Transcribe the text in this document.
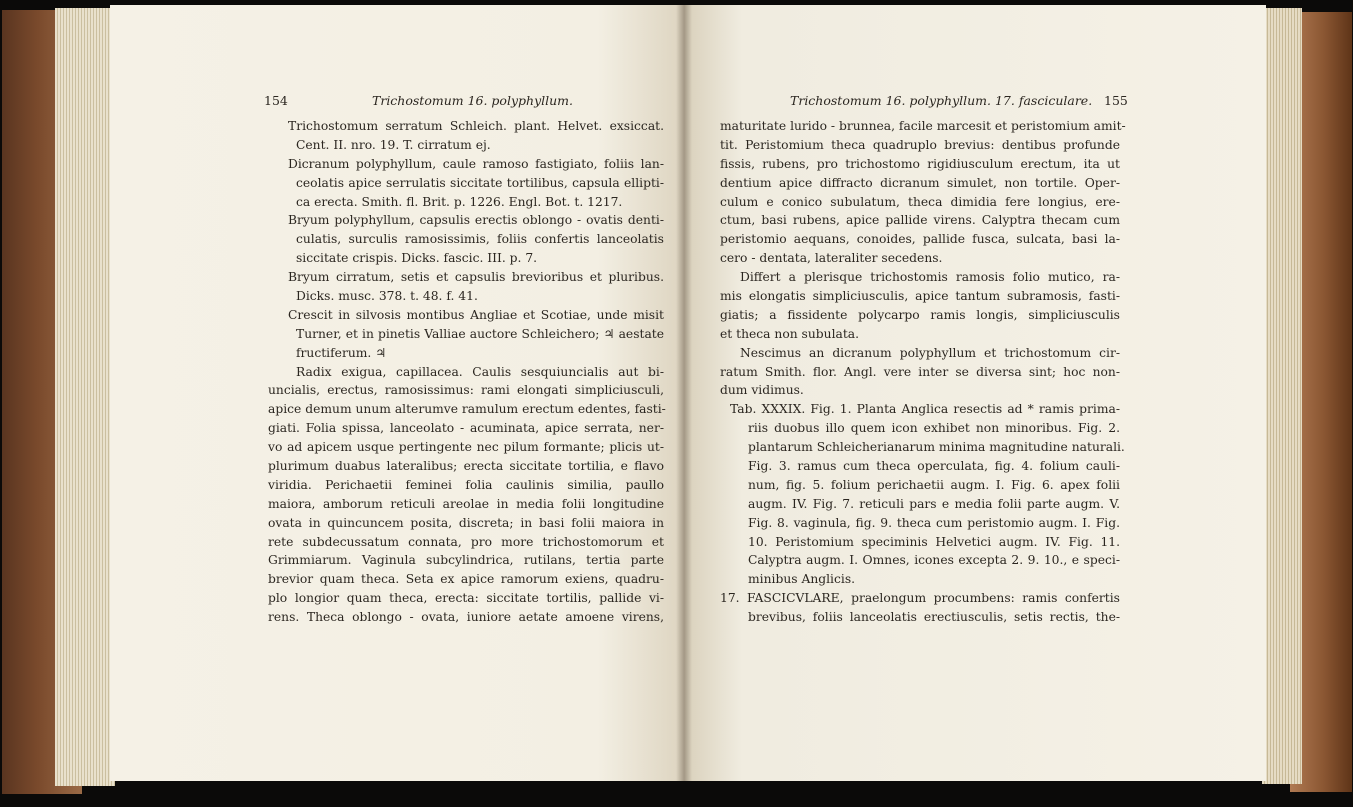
154	Trichostomum 16. polyphyllum.
Trichostomum serratum Schleich. plant. Helvet. exsiccat.
Cent. II. nro. 19. T. cirratum ej.
Dicranum polyphyllum, caule ramoso fastigiato, foliis lan-
ceolatis apice serrulatis siccitate tortilibus, capsula ellipti-
ca erecta. Smith. fl. Brit. p. 1226. Engl. Bot. t. 1217.
Bryum polyphyllum, capsulis erectis oblongo - ovatis denti-
culatis, surculis ramosissimis, foliis confertis lanceolatis
siccitate crispis. Dicks. fascic. III. p. 7.
Bryum cirratum, setis et capsulis brevioribus et pluribus.
Dicks. musc. 378. t. 48. f. 41.
Crescit in silvosis montibus Angliae et Scotiae, unde misit
Turner, et in pinetis Valliae auctore Schleichero; ♃ aestate
fructiferum. ♃
Radix exigua, capillacea. Caulis sesquiuncialis aut bi-
uncialis, erectus, ramosissimus: rami elongati simpliciusculi,
apice demum unum alterumve ramulum erectum edentes, fasti-
giati. Folia spissa, lanceolato - acuminata, apice serrata, ner-
vo ad apicem usque pertingente nec pilum formante; plicis ut-
plurimum duabus lateralibus; erecta siccitate tortilia, e flavo
viridia. Perichaetii feminei folia caulinis similia, paullo
maiora, amborum reticuli areolae in media folii longitudine
ovata in quincuncem posita, discreta; in basi folii maiora in
rete subdecussatum connata, pro more trichostomorum et
Grimmiarum. Vaginula subcylindrica, rutilans, tertia parte
brevior quam theca. Seta ex apice ramorum exiens, quadru-
plo longior quam theca, erecta: siccitate tortilis, pallide vi-
rens. Theca oblongo - ovata, iuniore aetate amoene virens,
Trichostomum 16. polyphyllum. 17. fasciculare. 155
maturitate lurido - brunnea, facile marcesit et peristomium amit-
tit. Peristomium theca quadruplo brevius: dentibus profunde
fissis, rubens, pro trichostomo rigidiusculum erectum, ita ut
dentium apice diffracto dicranum simulet, non tortile. Oper-
culum e conico subulatum, theca dimidia fere longius, ere-
ctum, basi rubens, apice pallide virens. Calyptra thecam cum
peristomio aequans, conoides, pallide fusca, sulcata, basi la-
cero - dentata, lateraliter secedens.
Differt a plerisque trichostomis ramosis folio mutico, ra-
mis elongatis simpliciusculis, apice tantum subramosis, fasti-
giatis; a fissidente polycarpo ramis longis, simpliciusculis
et theca non subulata.
Nescimus an dicranum polyphyllum et trichostomum cir-
ratum Smith. flor. Angl. vere inter se diversa sint; hoc non-
dum vidimus.
Tab. XXXIX. Fig. 1. Planta Anglica resectis ad * ramis prima-
riis duobus illo quem icon exhibet non minoribus. Fig. 2.
plantarum Schleicherianarum minima magnitudine naturali.
Fig. 3. ramus cum theca operculata, fig. 4. folium cauli-
num, fig. 5. folium perichaetii augm. I. Fig. 6. apex folii
augm. IV. Fig. 7. reticuli pars e media folii parte augm. V.
Fig. 8. vaginula, fig. 9. theca cum peristomio augm. I. Fig.
10. Peristomium speciminis Helvetici augm. IV. Fig. 11.
Calyptra augm. I. Omnes, icones excepta 2. 9. 10., e speci-
minibus Anglicis.
17. FASCICVLARE, praelongum procumbens: ramis confertis
brevibus, foliis lanceolatis erectiusculis, setis rectis, the-
